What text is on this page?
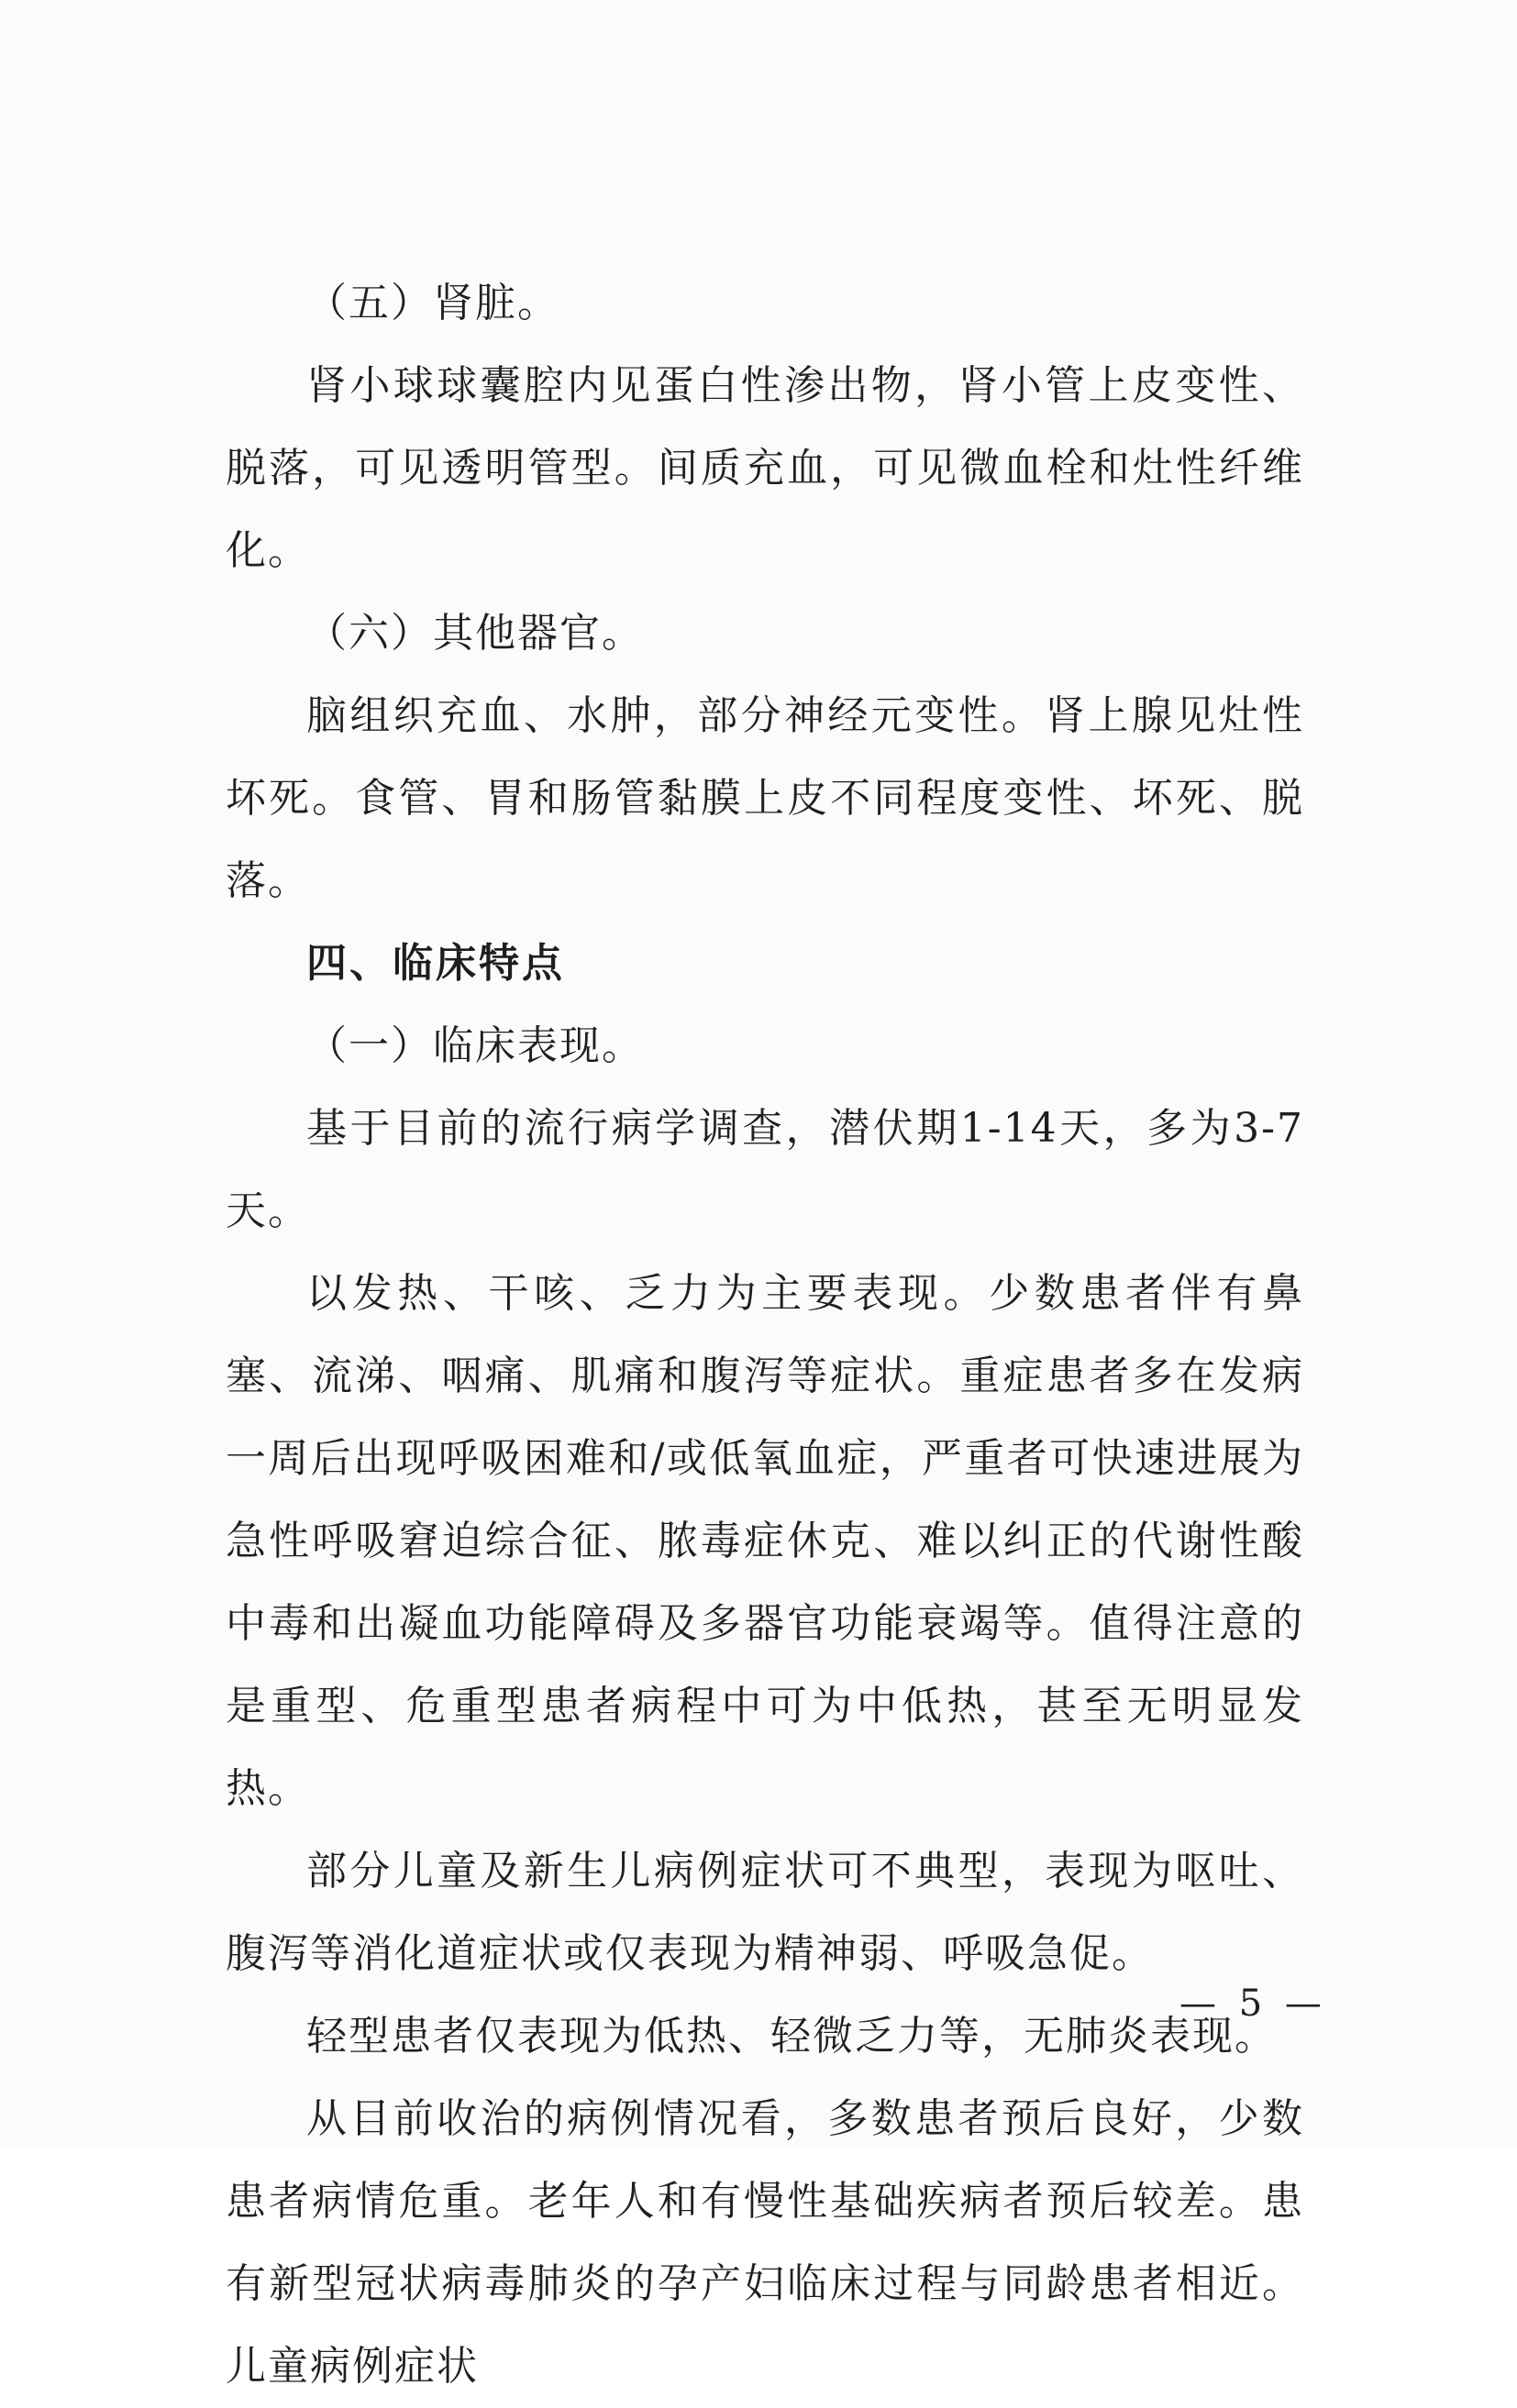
（五）肾脏。

肾小球球囊腔内见蛋白性渗出物，肾小管上皮变性、脱落，可见透明管型。间质充血，可见微血栓和灶性纤维化。

（六）其他器官。

脑组织充血、水肿，部分神经元变性。肾上腺见灶性坏死。食管、胃和肠管黏膜上皮不同程度变性、坏死、脱落。

四、临床特点

（一）临床表现。

基于目前的流行病学调查，潜伏期1-14天，多为3-7天。

以发热、干咳、乏力为主要表现。少数患者伴有鼻塞、流涕、咽痛、肌痛和腹泻等症状。重症患者多在发病一周后出现呼吸困难和/或低氧血症，严重者可快速进展为急性呼吸窘迫综合征、脓毒症休克、难以纠正的代谢性酸中毒和出凝血功能障碍及多器官功能衰竭等。值得注意的是重型、危重型患者病程中可为中低热，甚至无明显发热。

部分儿童及新生儿病例症状可不典型，表现为呕吐、腹泻等消化道症状或仅表现为精神弱、呼吸急促。

轻型患者仅表现为低热、轻微乏力等，无肺炎表现。

从目前收治的病例情况看，多数患者预后良好，少数患者病情危重。老年人和有慢性基础疾病者预后较差。患有新型冠状病毒肺炎的孕产妇临床过程与同龄患者相近。儿童病例症状

— 5 —
